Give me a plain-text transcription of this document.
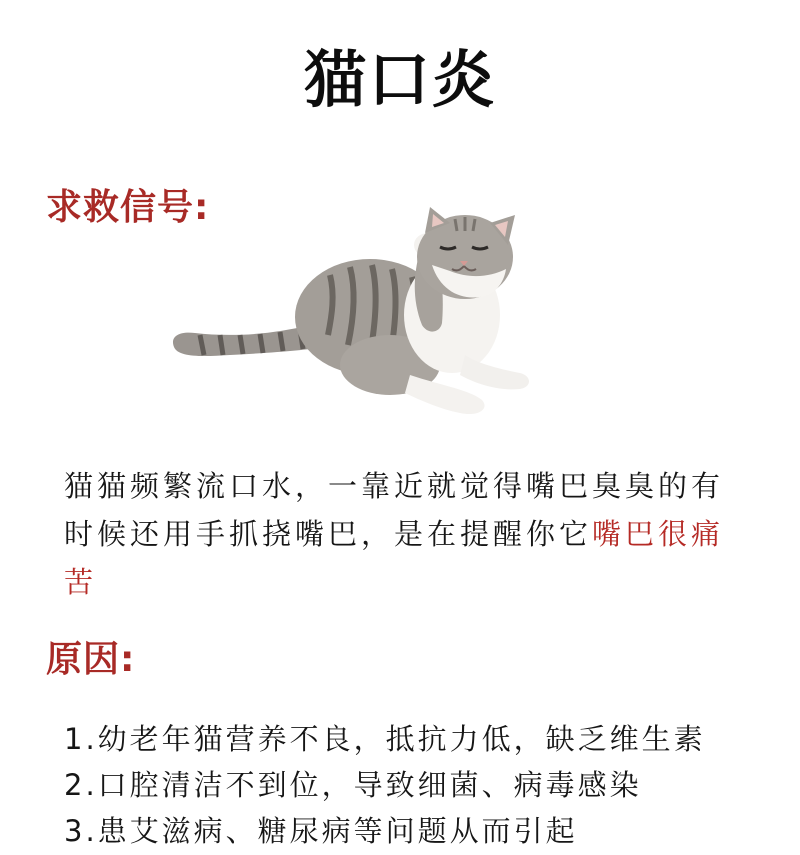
猫口炎
求救信号:
猫猫频繁流口水，一靠近就觉得嘴巴臭臭的有时候还用手抓挠嘴巴，是在提醒你它嘴巴很痛苦
原因:
1.幼老年猫营养不良，抵抗力低，缺乏维生素
2.口腔清洁不到位，导致细菌、病毒感染
3.患艾滋病、糖尿病等问题从而引起
